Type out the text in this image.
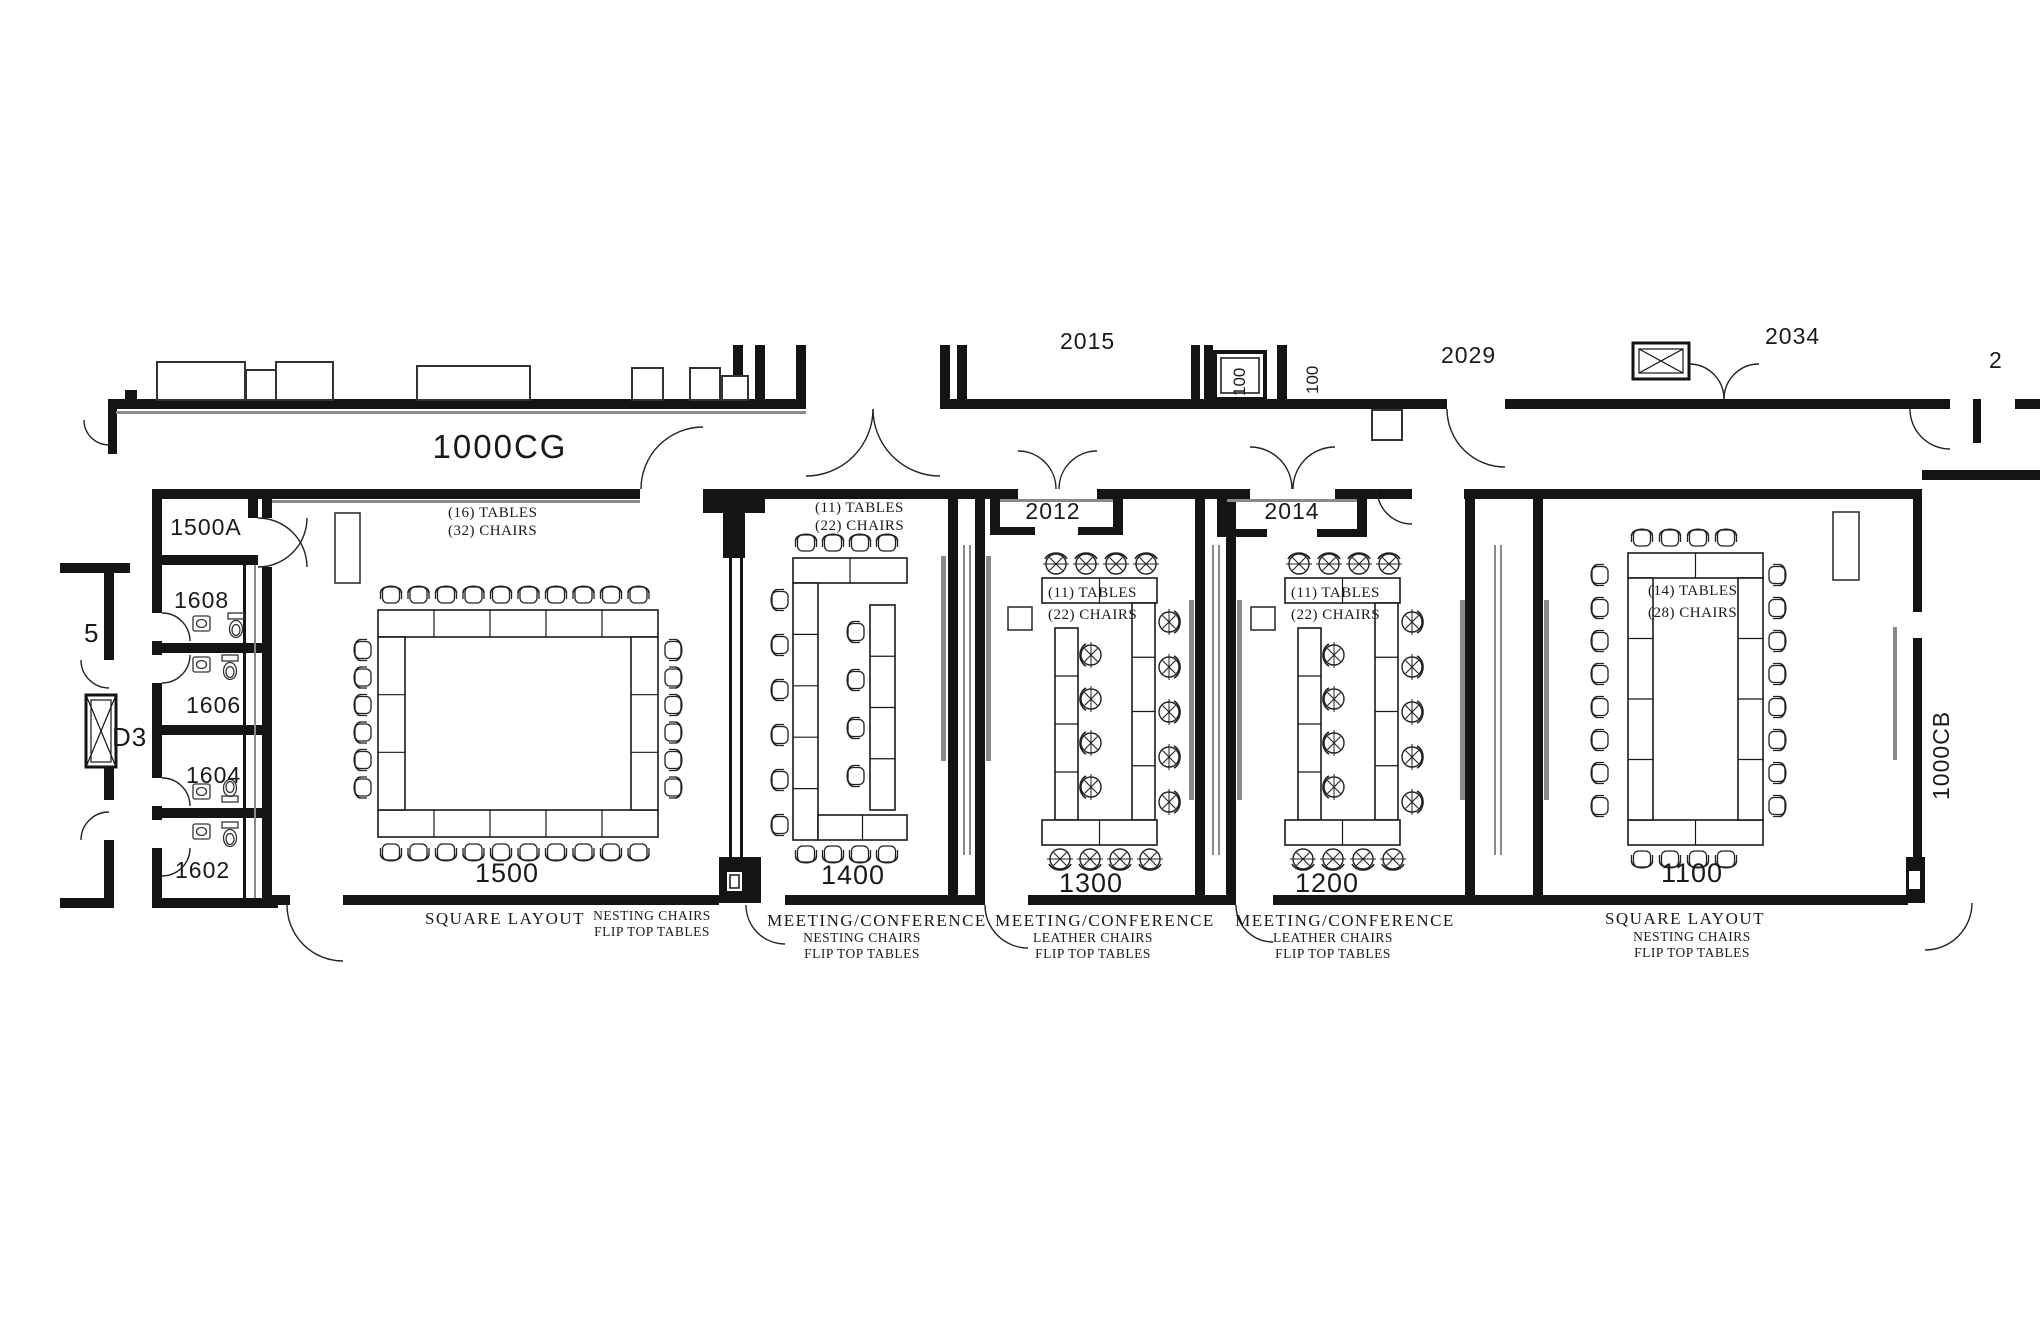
1000CG
1000CB
1500A
1608
1606
1604
1602
5
D3
2012	2014
2029
2015	2034
2
100	100
1500	1400	1300	1200	1100
(16) TABLES
(32) CHAIRS
(11) TABLES
(22) CHAIRS
(11) TABLES
(22) CHAIRS
(11) TABLES
(22) CHAIRS
(14) TABLES
(28) CHAIRS
SQUARE LAYOUT	MEETING/CONFERENCE MEETING/CONFERENCE MEETING/CONFERENCE	SQUARE LAYOUT
NESTING CHAIRS
FLIP TOP TABLES	NESTING CHAIRS
FLIP TOP TABLES
LEATHER CHAIRS
FLIP TOP TABLES
LEATHER CHAIRS
FLIP TOP TABLES
NESTING CHAIRS
FLIP TOP TABLES
